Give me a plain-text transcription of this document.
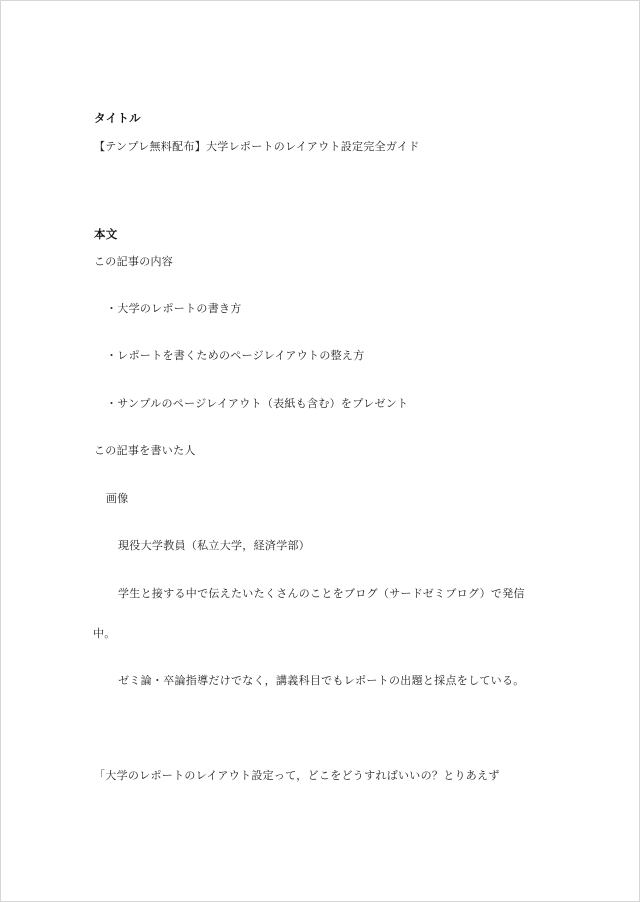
タイトル
【テンプレ無料配布】大学レポートのレイアウト設定完全ガイド
本文
この記事の内容
・大学のレポートの書き方
・レポートを書くためのページレイアウトの整え方
・サンプルのページレイアウト（表紙も含む）をプレゼント
この記事を書いた人
画像
現役大学教員（私立大学，経済学部）
学生と接する中で伝えたいたくさんのことをブログ（サードゼミブログ）で発信
中。
ゼミ論・卒論指導だけでなく，講義科目でもレポートの出題と採点をしている。
「大学のレポートのレイアウト設定って，どこをどうすればいいの？とりあえず
